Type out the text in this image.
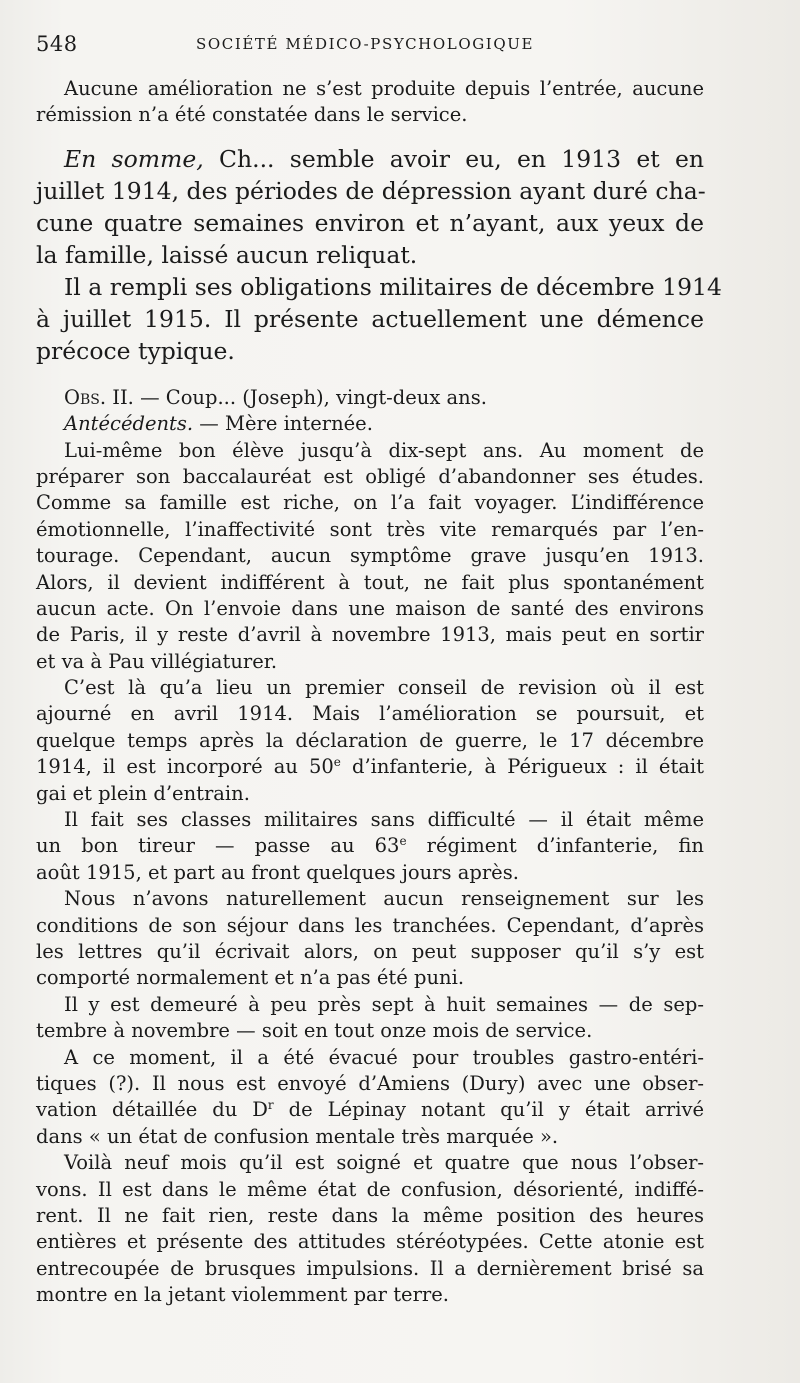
548	SOCIÉTÉ MÉDICO-PSYCHOLOGIQUE
Aucune amélioration ne s’est produite depuis l’entrée, aucune
rémission n’a été constatée dans le service.
En somme, Ch... semble avoir eu, en 1913 et en
juillet 1914, des périodes de dépression ayant duré cha-
cune quatre semaines environ et n’ayant, aux yeux de
la famille, laissé aucun reliquat.
Il a rempli ses obligations militaires de décembre 1914
à juillet 1915. Il présente actuellement une démence
précoce typique.
Obs. II. — Coup... (Joseph), vingt-deux ans.
Antécédents. — Mère internée.
Lui-même bon élève jusqu’à dix-sept ans. Au moment de
préparer son baccalauréat est obligé d’abandonner ses études.
Comme sa famille est riche, on l’a fait voyager. L’indifférence
émotionnelle, l’inaffectivité sont très vite remarqués par l’en-
tourage. Cependant, aucun symptôme grave jusqu’en 1913.
Alors, il devient indifférent à tout, ne fait plus spontanément
aucun acte. On l’envoie dans une maison de santé des environs
de Paris, il y reste d’avril à novembre 1913, mais peut en sortir
et va à Pau villégiaturer.
C’est là qu’a lieu un premier conseil de revision où il est
ajourné en avril 1914. Mais l’amélioration se poursuit, et
quelque temps après la déclaration de guerre, le 17 décembre
1914, il est incorporé au 50e d’infanterie, à Périgueux : il était
gai et plein d’entrain.
Il fait ses classes militaires sans difficulté — il était même
un bon tireur — passe au 63e régiment d’infanterie, fin
août 1915, et part au front quelques jours après.
Nous n’avons naturellement aucun renseignement sur les
conditions de son séjour dans les tranchées. Cependant, d’après
les lettres qu’il écrivait alors, on peut supposer qu’il s’y est
comporté normalement et n’a pas été puni.
Il y est demeuré à peu près sept à huit semaines — de sep-
tembre à novembre — soit en tout onze mois de service.
A ce moment, il a été évacué pour troubles gastro-entéri-
tiques (?). Il nous est envoyé d’Amiens (Dury) avec une obser-
vation détaillée du $D^r$ de Lépinay notant qu’il y était arrivé
dans « un état de confusion mentale très marquée ».
Voilà neuf mois qu’il est soigné et quatre que nous l’obser-
vons. Il est dans le même état de confusion, désorienté, indiffé-
rent. Il ne fait rien, reste dans la même position des heures
entières et présente des attitudes stéréotypées. Cette atonie est
entrecoupée de brusques impulsions. Il a dernièrement brisé sa
montre en la jetant violemment par terre.
